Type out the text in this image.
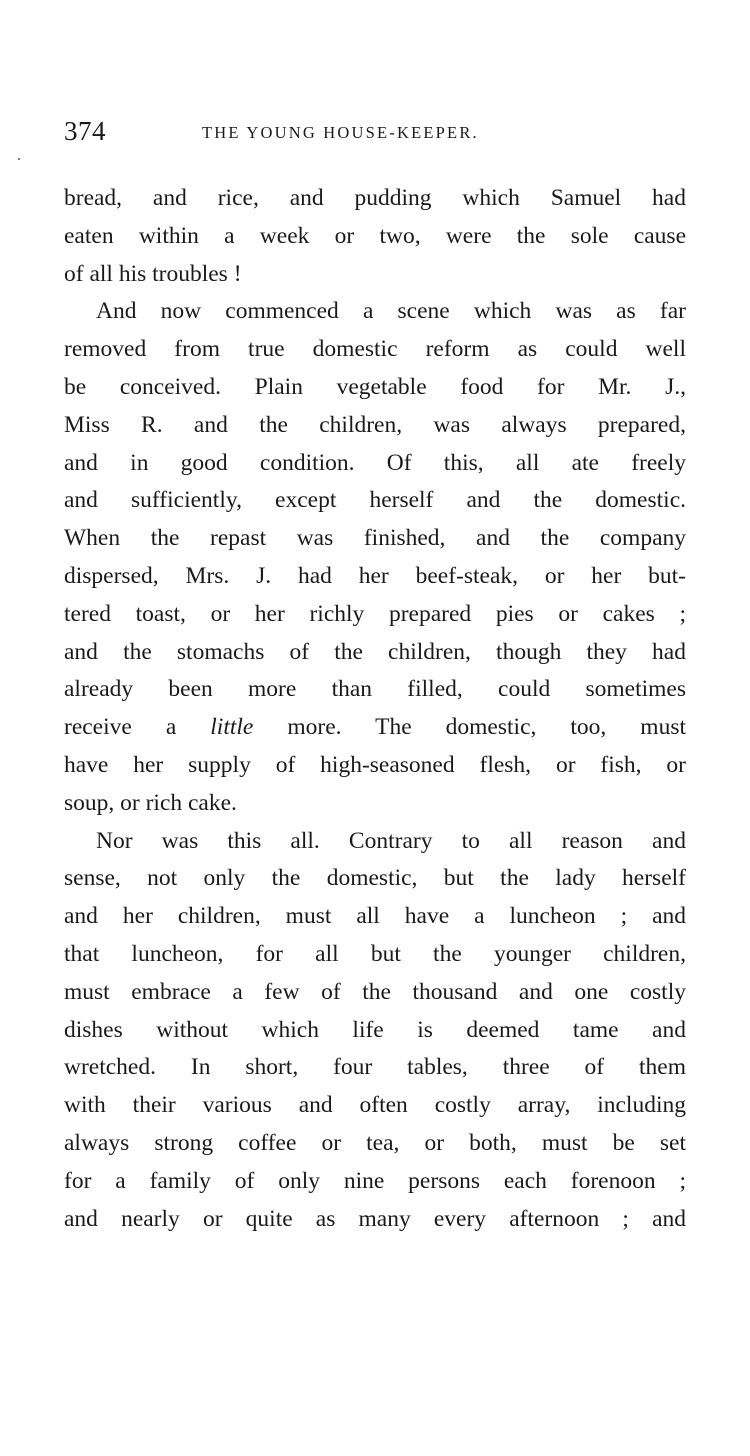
374	THE YOUNG HOUSE-KEEPER.
bread, and rice, and pudding which Samuel had
eaten within a week or two, were the sole cause
of all his troubles !
And now commenced a scene which was as far
removed from true domestic reform as could well
be conceived. Plain vegetable food for Mr. J.,
Miss R. and the children, was always prepared,
and in good condition. Of this, all ate freely
and sufficiently, except herself and the domestic.
When the repast was finished, and the company
dispersed, Mrs. J. had her beef-steak, or her but-
tered toast, or her richly prepared pies or cakes ;
and the stomachs of the children, though they had
already been more than filled, could sometimes
receive a little more. The domestic, too, must
have her supply of high-seasoned flesh, or fish, or
soup, or rich cake.
Nor was this all. Contrary to all reason and
sense, not only the domestic, but the lady herself
and her children, must all have a luncheon ; and
that luncheon, for all but the younger children,
must embrace a few of the thousand and one costly
dishes without which life is deemed tame and
wretched. In short, four tables, three of them
with their various and often costly array, including
always strong coffee or tea, or both, must be set
for a family of only nine persons each forenoon ;
and nearly or quite as many every afternoon ; and
